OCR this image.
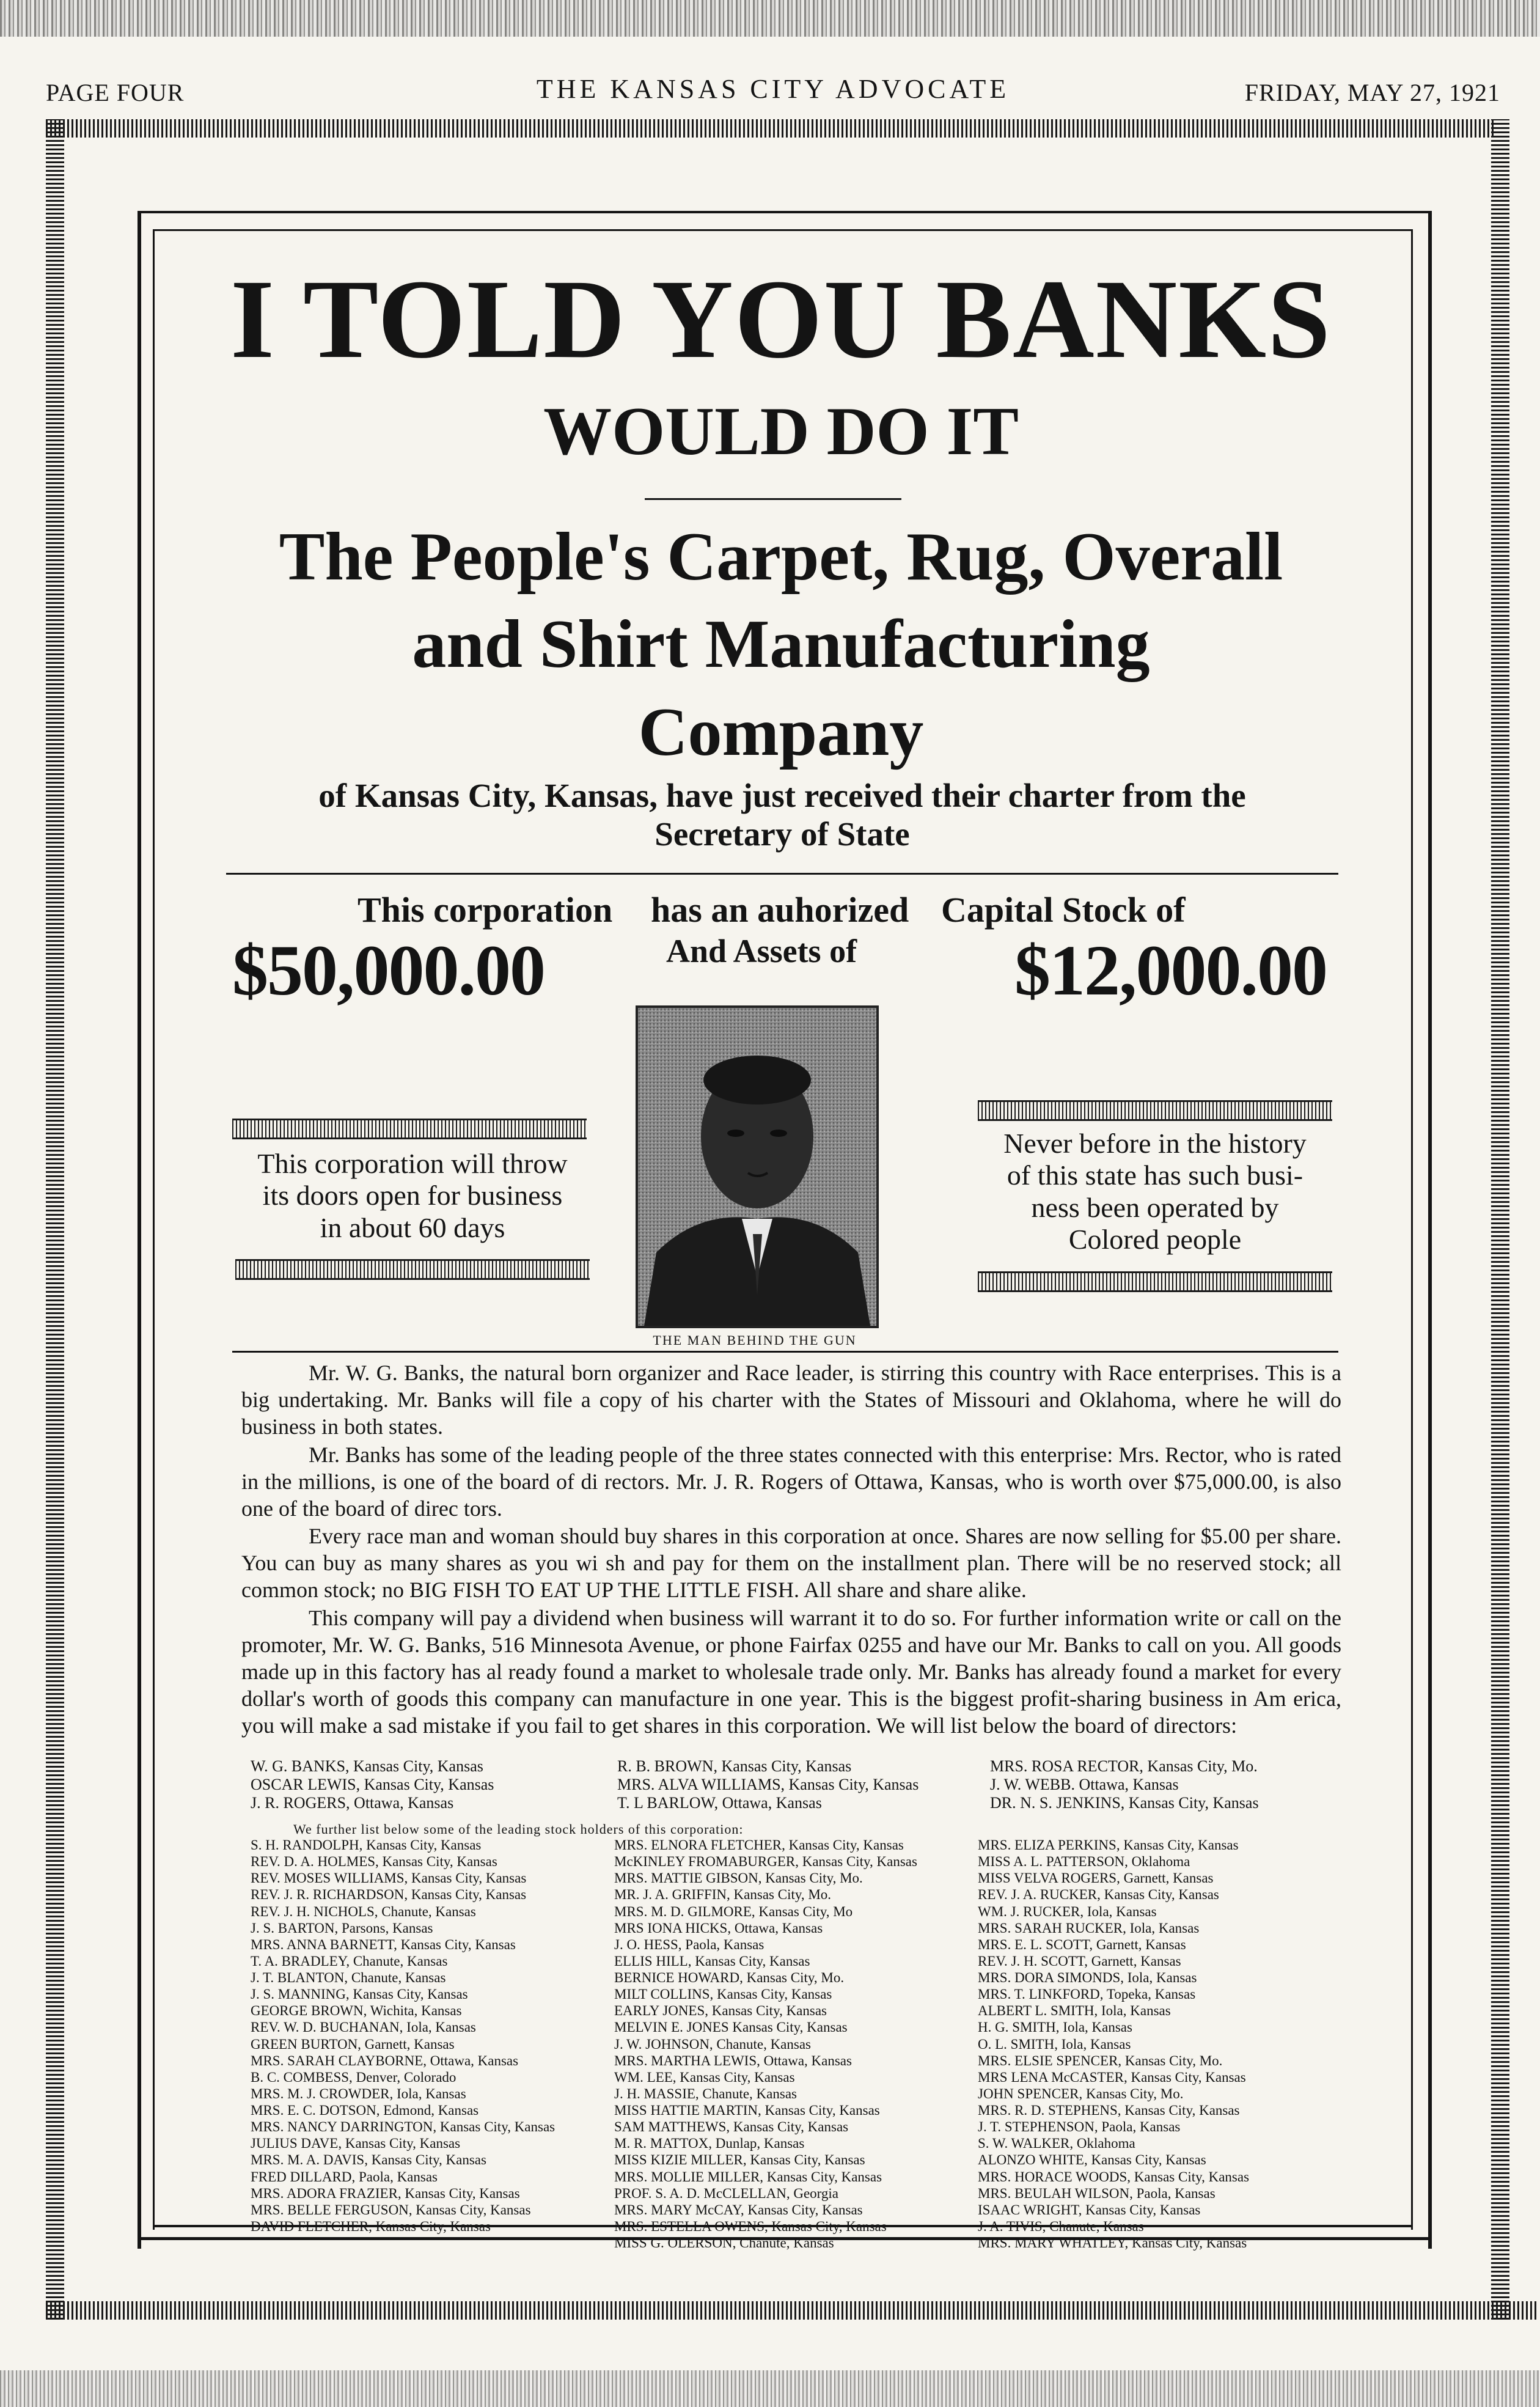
PAGE FOUR	THE KANSAS CITY ADVOCATE	FRIDAY, MAY 27, 1921
I TOLD YOU BANKS
WOULD DO IT
The People's Carpet, Rug, Overall
and Shirt Manufacturing
Company
of Kansas City, Kansas, have just received their charter from the
Secretary of State
This corporation has an auhorized Capital Stock of
And Assets of
$50,000.00	$12,000.00
THE MAN BEHIND THE GUN
This corporation will throw
its doors open for business
in about 60 days
Never before in the history
of this state has such busi-
ness been operated by
Colored people

Mr. W. G. Banks, the natural born organizer and Race leader, is stirring this country with Race enterprises. This is a big undertaking. Mr. Banks will file a copy of his charter with the States of Missouri and Oklahoma, where he will do business in both states.

Mr. Banks has some of the leading people of the three states connected with this enterprise: Mrs. Rector, who is rated in the millions, is one of the board of di rectors. Mr. J. R. Rogers of Ottawa, Kansas, who is worth over $75,000.00, is also one of the board of direc tors.

Every race man and woman should buy shares in this corporation at once. Shares are now selling for $5.00 per share. You can buy as many shares as you wi sh and pay for them on the installment plan. There will be no reserved stock; all common stock; no BIG FISH TO EAT UP THE LITTLE FISH. All share and share alike.

This company will pay a dividend when business will warrant it to do so. For further information write or call on the promoter, Mr. W. G. Banks, 516 Minnesota Avenue, or phone Fairfax 0255 and have our Mr. Banks to call on you. All goods made up in this factory has al ready found a market to wholesale trade only. Mr. Banks has already found a market for every dollar's worth of goods this company can manufacture in one year. This is the biggest profit-sharing business in Am erica, you will make a sad mistake if you fail to get shares in this corporation. We will list below the board of directors:

W. G. BANKS, Kansas City, Kansas
OSCAR LEWIS, Kansas City, Kansas
J. R. ROGERS, Ottawa, Kansas
R. B. BROWN, Kansas City, Kansas
MRS. ALVA WILLIAMS, Kansas City, Kansas
T. L BARLOW, Ottawa, Kansas
MRS. ROSA RECTOR, Kansas City, Mo.
J. W. WEBB. Ottawa, Kansas
DR. N. S. JENKINS, Kansas City, Kansas
We further list below some of the leading stock holders of this corporation:
S. H. RANDOLPH, Kansas City, Kansas
REV. D. A. HOLMES, Kansas City, Kansas
REV. MOSES WILLIAMS, Kansas City, Kansas
REV. J. R. RICHARDSON, Kansas City, Kansas
REV. J. H. NICHOLS, Chanute, Kansas
J. S. BARTON, Parsons, Kansas
MRS. ANNA BARNETT, Kansas City, Kansas
T. A. BRADLEY, Chanute, Kansas
J. T. BLANTON, Chanute, Kansas
J. S. MANNING, Kansas City, Kansas
GEORGE BROWN, Wichita, Kansas
REV. W. D. BUCHANAN, Iola, Kansas
GREEN BURTON, Garnett, Kansas
MRS. SARAH CLAYBORNE, Ottawa, Kansas
B. C. COMBESS, Denver, Colorado
MRS. M. J. CROWDER, Iola, Kansas
MRS. E. C. DOTSON, Edmond, Kansas
MRS. NANCY DARRINGTON, Kansas City, Kansas
JULIUS DAVE, Kansas City, Kansas
MRS. M. A. DAVIS, Kansas City, Kansas
FRED DILLARD, Paola, Kansas
MRS. ADORA FRAZIER, Kansas City, Kansas
MRS. BELLE FERGUSON, Kansas City, Kansas
DAVID FLETCHER, Kansas City, Kansas
MRS. ELNORA FLETCHER, Kansas City, Kansas
McKINLEY FROMABURGER, Kansas City, Kansas
MRS. MATTIE GIBSON, Kansas City, Mo.
MR. J. A. GRIFFIN, Kansas City, Mo.
MRS. M. D. GILMORE, Kansas City, Mo
MRS IONA HICKS, Ottawa, Kansas
J. O. HESS, Paola, Kansas
ELLIS HILL, Kansas City, Kansas
BERNICE HOWARD, Kansas City, Mo.
MILT COLLINS, Kansas City, Kansas
EARLY JONES, Kansas City, Kansas
MELVIN E. JONES Kansas City, Kansas
J. W. JOHNSON, Chanute, Kansas
MRS. MARTHA LEWIS, Ottawa, Kansas
WM. LEE, Kansas City, Kansas
J. H. MASSIE, Chanute, Kansas
MISS HATTIE MARTIN, Kansas City, Kansas
SAM MATTHEWS, Kansas City, Kansas
M. R. MATTOX, Dunlap, Kansas
MISS KIZIE MILLER, Kansas City, Kansas
MRS. MOLLIE MILLER, Kansas City, Kansas
PROF. S. A. D. McCLELLAN, Georgia
MRS. MARY McCAY, Kansas City, Kansas
MRS. ESTELLA OWENS, Kansas City, Kansas
MISS G. OLERSON, Chanute, Kansas
MRS. ELIZA PERKINS, Kansas City, Kansas
MISS A. L. PATTERSON, Oklahoma
MISS VELVA ROGERS, Garnett, Kansas
REV. J. A. RUCKER, Kansas City, Kansas
WM. J. RUCKER, Iola, Kansas
MRS. SARAH RUCKER, Iola, Kansas
MRS. E. L. SCOTT, Garnett, Kansas
REV. J. H. SCOTT, Garnett, Kansas
MRS. DORA SIMONDS, Iola, Kansas
MRS. T. LINKFORD, Topeka, Kansas
ALBERT L. SMITH, Iola, Kansas
H. G. SMITH, Iola, Kansas
O. L. SMITH, Iola, Kansas
MRS. ELSIE SPENCER, Kansas City, Mo.
MRS LENA McCASTER, Kansas City, Kansas
JOHN SPENCER, Kansas City, Mo.
MRS. R. D. STEPHENS, Kansas City, Kansas
J. T. STEPHENSON, Paola, Kansas
S. W. WALKER, Oklahoma
ALONZO WHITE, Kansas City, Kansas
MRS. HORACE WOODS, Kansas City, Kansas
MRS. BEULAH WILSON, Paola, Kansas
ISAAC WRIGHT, Kansas City, Kansas
J. A. TIVIS, Chanute, Kansas
MRS. MARY WHATLEY, Kansas City, Kansas
